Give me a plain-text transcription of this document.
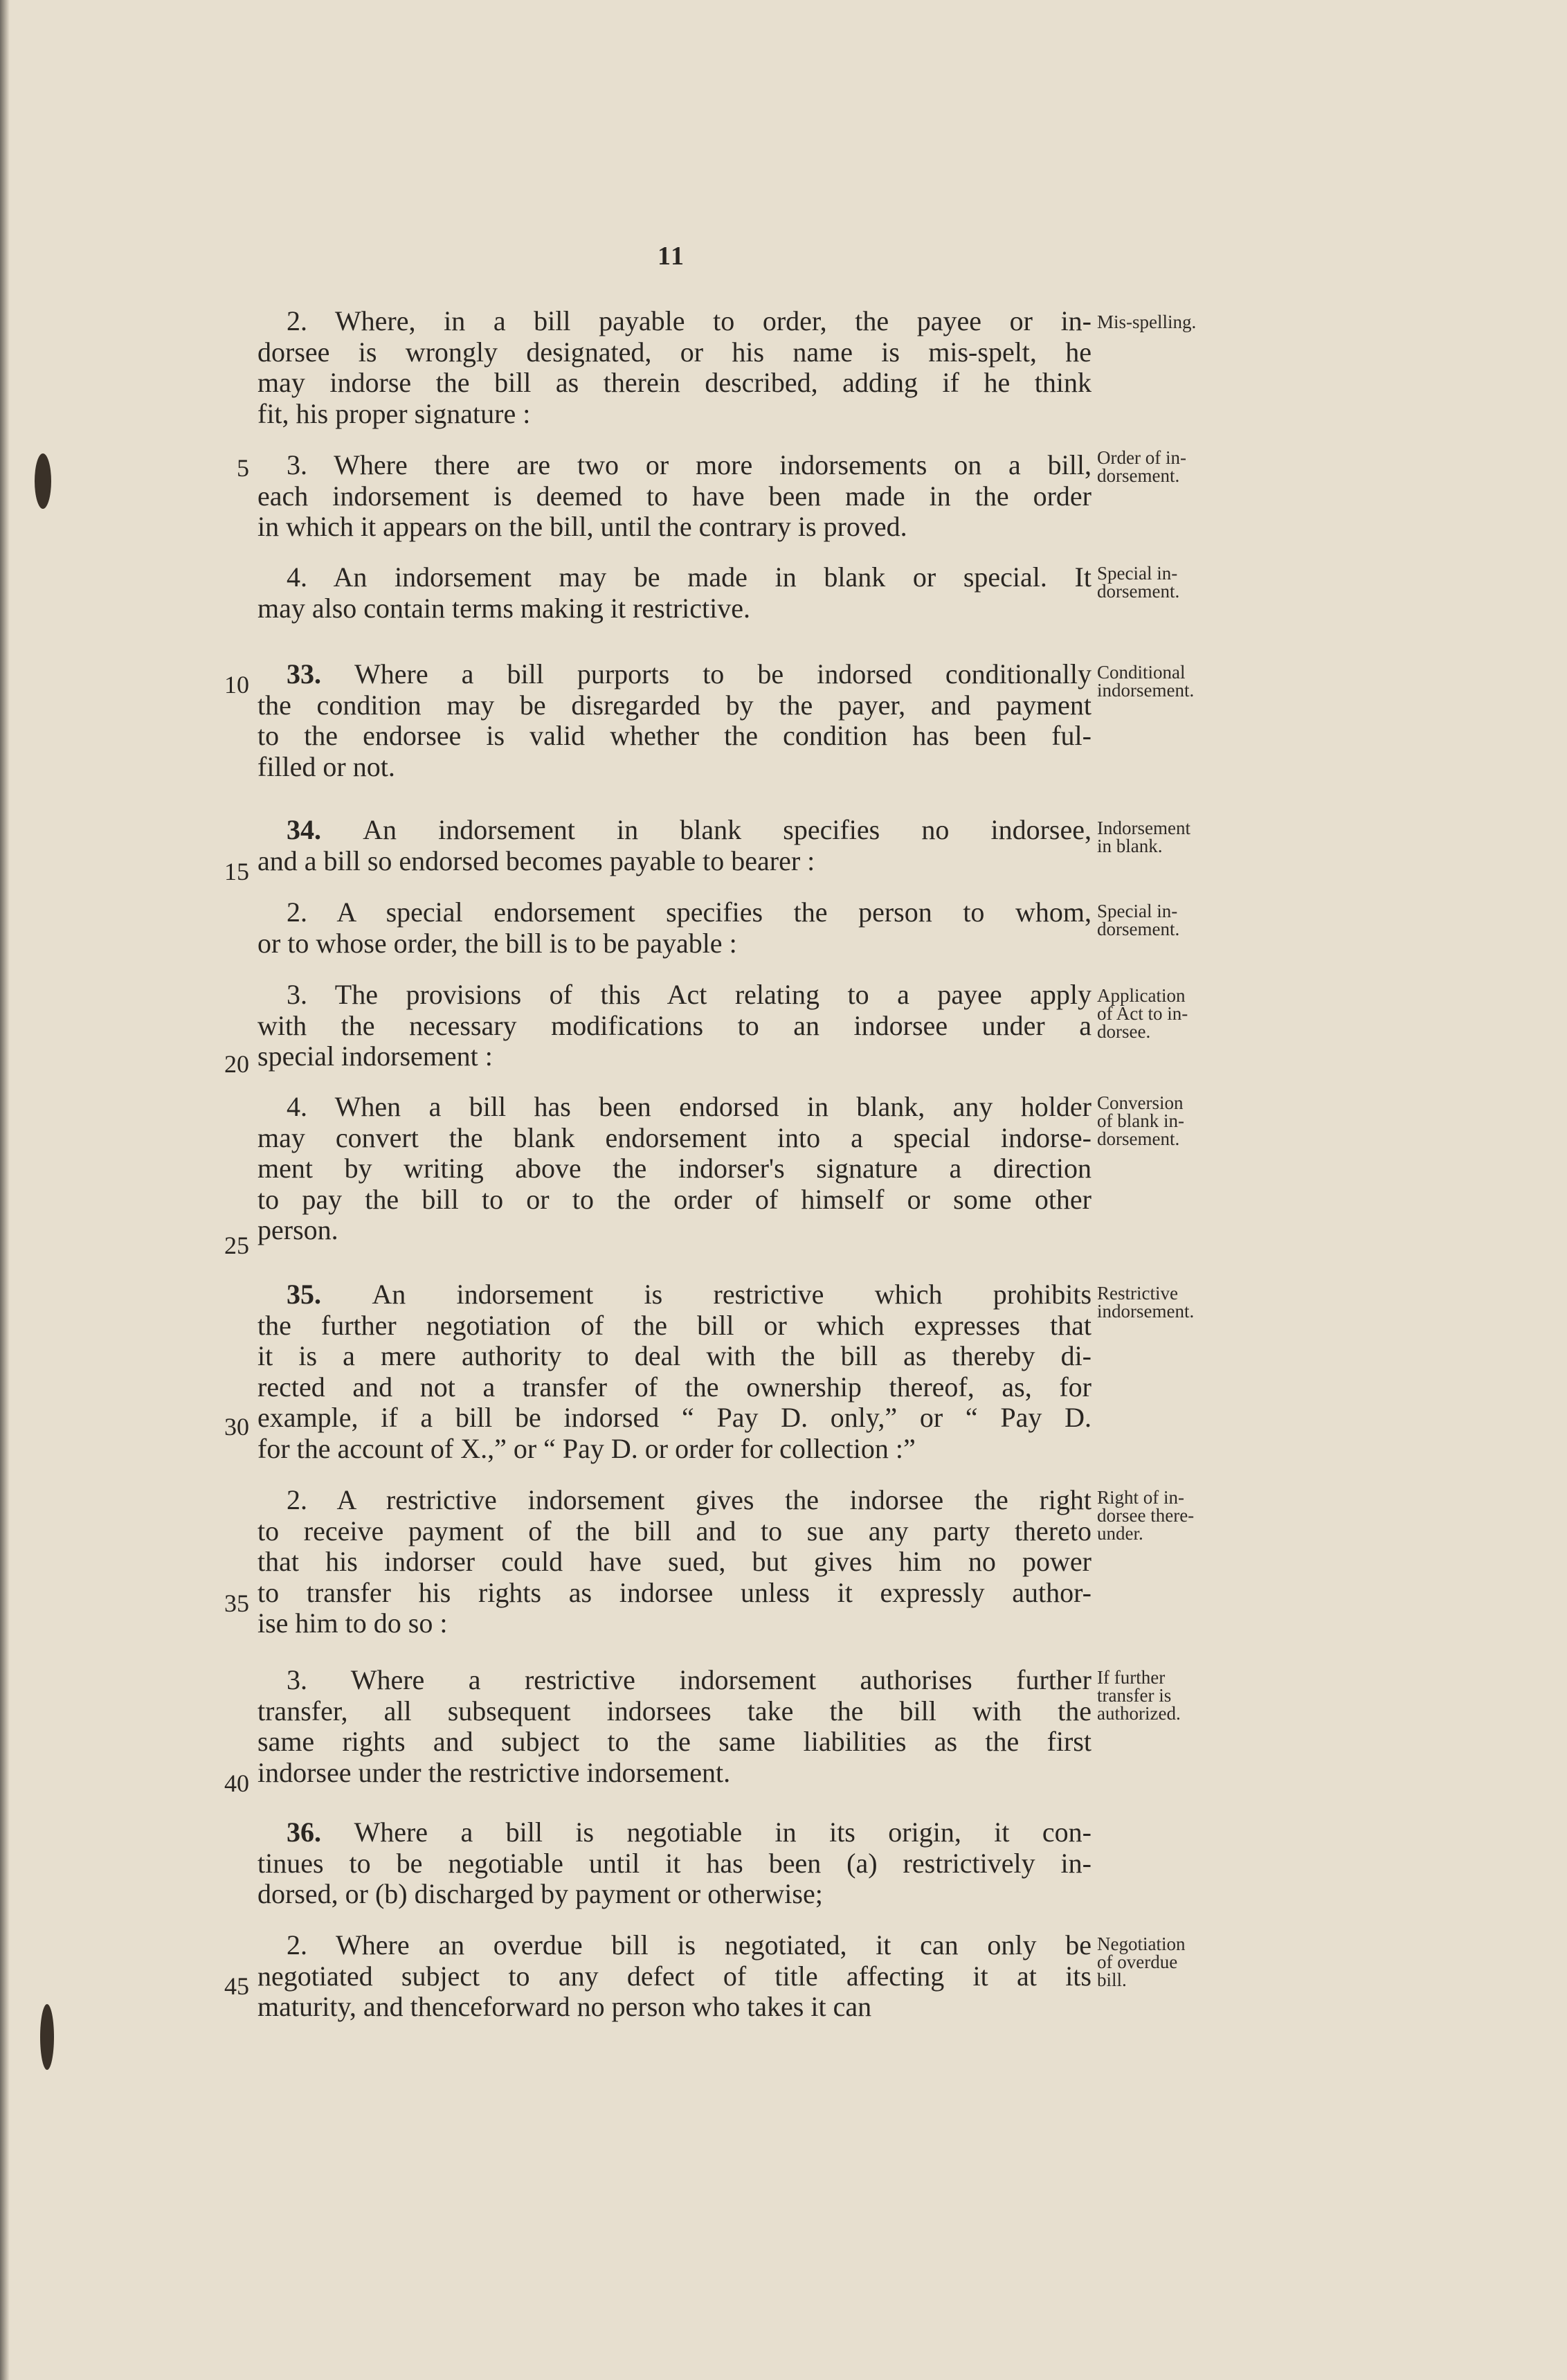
11
2. Where, in a bill payable to order, the payee or in-
dorsee is wrongly designated, or his name is mis-spelt, he
may indorse the bill as therein described, adding if he think
fit, his proper signature :
3. Where there are two or more indorsements on a bill,
each indorsement is deemed to have been made in the order
in which it appears on the bill, until the contrary is proved.
4. An indorsement may be made in blank or special. It
may also contain terms making it restrictive.
33. Where a bill purports to be indorsed conditionally
the condition may be disregarded by the payer, and payment
to the endorsee is valid whether the condition has been ful-
filled or not.
34. An indorsement in blank specifies no indorsee,
and a bill so endorsed becomes payable to bearer :
2. A special endorsement specifies the person to whom,
or to whose order, the bill is to be payable :
3. The provisions of this Act relating to a payee apply
with the necessary modifications to an indorsee under a
special indorsement :
4. When a bill has been endorsed in blank, any holder
may convert the blank endorsement into a special indorse-
ment by writing above the indorser's signature a direction
to pay the bill to or to the order of himself or some other
person.
35. An indorsement is restrictive which prohibits
the further negotiation of the bill or which expresses that
it is a mere authority to deal with the bill as thereby di-
rected and not a transfer of the ownership thereof, as, for
example, if a bill be indorsed “ Pay D. only,” or “ Pay D.
for the account of X.,” or “ Pay D. or order for collection :”
2. A restrictive indorsement gives the indorsee the right
to receive payment of the bill and to sue any party thereto
that his indorser could have sued, but gives him no power
to transfer his rights as indorsee unless it expressly author-
ise him to do so :
3. Where a restrictive indorsement authorises further
transfer, all subsequent indorsees take the bill with the
same rights and subject to the same liabilities as the first
indorsee under the restrictive indorsement.
36. Where a bill is negotiable in its origin, it con-
tinues to be negotiable until it has been (a) restrictively in-
dorsed, or (b) discharged by payment or otherwise;
2. Where an overdue bill is negotiated, it can only be
negotiated subject to any defect of title affecting it at its
maturity, and thenceforward no person who takes it can
Mis-spelling.
Order of in-
dorsement.
Special in-
dorsement.
Conditional
indorsement.
Indorsement
in blank.
Special in-
dorsement.
Application
of Act to in-
dorsee.
Conversion
of blank in-
dorsement.
Restrictive
indorsement.
Right of in-
dorsee there-
under.
If further
transfer is
authorized.
Negotiation
of overdue
bill.
5
10
15
20
25
30
35
40
45
